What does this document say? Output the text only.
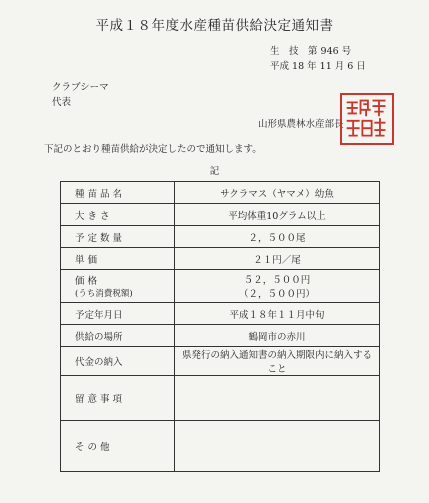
平成１８年度水産種苗供給決定通知書
生　技　第 946 号
平成 18 年 11 月 6 日
クラブシーマ
代表
山形県農林水産部長
下記のとおり種苗供給が決定したので通知します。
記
種 苗 品 名	サクラマス（ヤマメ）幼魚
大 き さ	平均体重10グラム以上
予 定 数 量	２，５００尾
単 価	２１円／尾

価 格
(うち消費税額)	５２，５００円
（２，５００円）

予定年月日	平成１８年１１月中旬
供給の場所	鶴岡市の赤川
代金の納入	県発行の納入通知書の納入期限内に納入すること
留 意 事 項	
そ の 他	
